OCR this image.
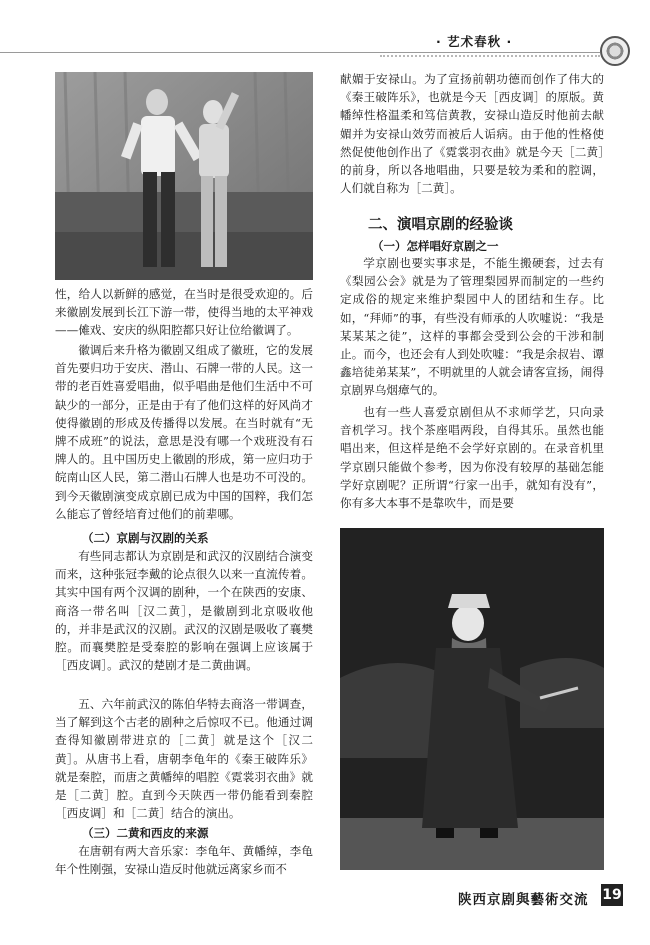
· 艺术春秋 ·

性，给人以新鲜的感觉，在当时是很受欢迎的。后来徽剧发展到长江下游一带，使得当地的太平神戏——傩戏、安庆的纵阳腔都只好让位给徽调了。

徽调后来升格为徽剧又组成了徽班，它的发展首先要归功于安庆、潜山、石牌一带的人民。这一带的老百姓喜爱唱曲，似乎唱曲是他们生活中不可缺少的一部分，正是由于有了他们这样的好风尚才使得徽剧的形成及传播得以发展。在当时就有“无牌不成班”的说法，意思是没有哪一个戏班没有石牌人的。且中国历史上徽剧的形成，第一应归功于皖南山区人民，第二潜山石牌人也是功不可没的。到今天徽剧演变成京剧已成为中国的国粹，我们怎么能忘了曾经培育过他们的前辈哪。

（二）京剧与汉剧的关系

有些同志都认为京剧是和武汉的汉剧结合演变而来，这种张冠李戴的论点很久以来一直流传着。其实中国有两个汉调的剧种，一个在陕西的安康、商洛一带名叫［汉二黄］，是徽剧到北京吸收他的，并非是武汉的汉剧。武汉的汉剧是吸收了襄樊腔。而襄樊腔是受秦腔的影响在强调上应该属于［西皮调］。武汉的楚剧才是二黄曲调。

五、六年前武汉的陈伯华特去商洛一带调查，当了解到这个古老的剧种之后惊叹不已。他通过调查得知徽剧带进京的［二黄］就是这个［汉二黄］。从唐书上看，唐朝李龟年的《秦王破阵乐》就是秦腔，而唐之黄幡绰的唱腔《霓裳羽衣曲》就是［二黄］腔。直到今天陕西一带仍能看到秦腔［西皮调］和［二黄］结合的演出。

（三）二黄和西皮的来源

在唐朝有两大音乐家：李龟年、黄幡绰，李龟年个性刚强，安禄山造反时他就远离家乡而不

献媚于安禄山。为了宣扬前朝功德而创作了伟大的《秦王破阵乐》，也就是今天［西皮调］的原版。黄幡绰性格温柔和笃信黄教，安禄山造反时他前去献媚并为安禄山效劳而被后人诟病。由于他的性格使然促使他创作出了《霓裳羽衣曲》就是今天［二黄］的前身，所以各地唱曲，只要是较为柔和的腔调，人们就自称为［二黄］。

二、演唱京剧的经验谈
（一）怎样唱好京剧之一

学京剧也要实事求是，不能生搬硬套，过去有《梨园公会》就是为了管理梨园界而制定的一些约定成俗的规定来维护梨园中人的团结和生存。比如，“拜师”的事，有些没有师承的人吹嘘说：“我是某某某之徒”，这样的事都会受到公会的干涉和制止。而今，也还会有人到处吹嘘：“我是余叔岩、谭鑫培徒弟某某”，不明就里的人就会请客宣扬，闹得京剧界乌烟瘴气的。

也有一些人喜爱京剧但从不求师学艺，只向录音机学习。找个茶座唱两段，自得其乐。虽然也能唱出来，但这样是绝不会学好京剧的。在录音机里学京剧只能做个参考，因为你没有较厚的基础怎能学好京剧呢？正所谓“行家一出手，就知有没有”，你有多大本事不是靠吹牛，而是要

陕西京剧與藝術交流 19
